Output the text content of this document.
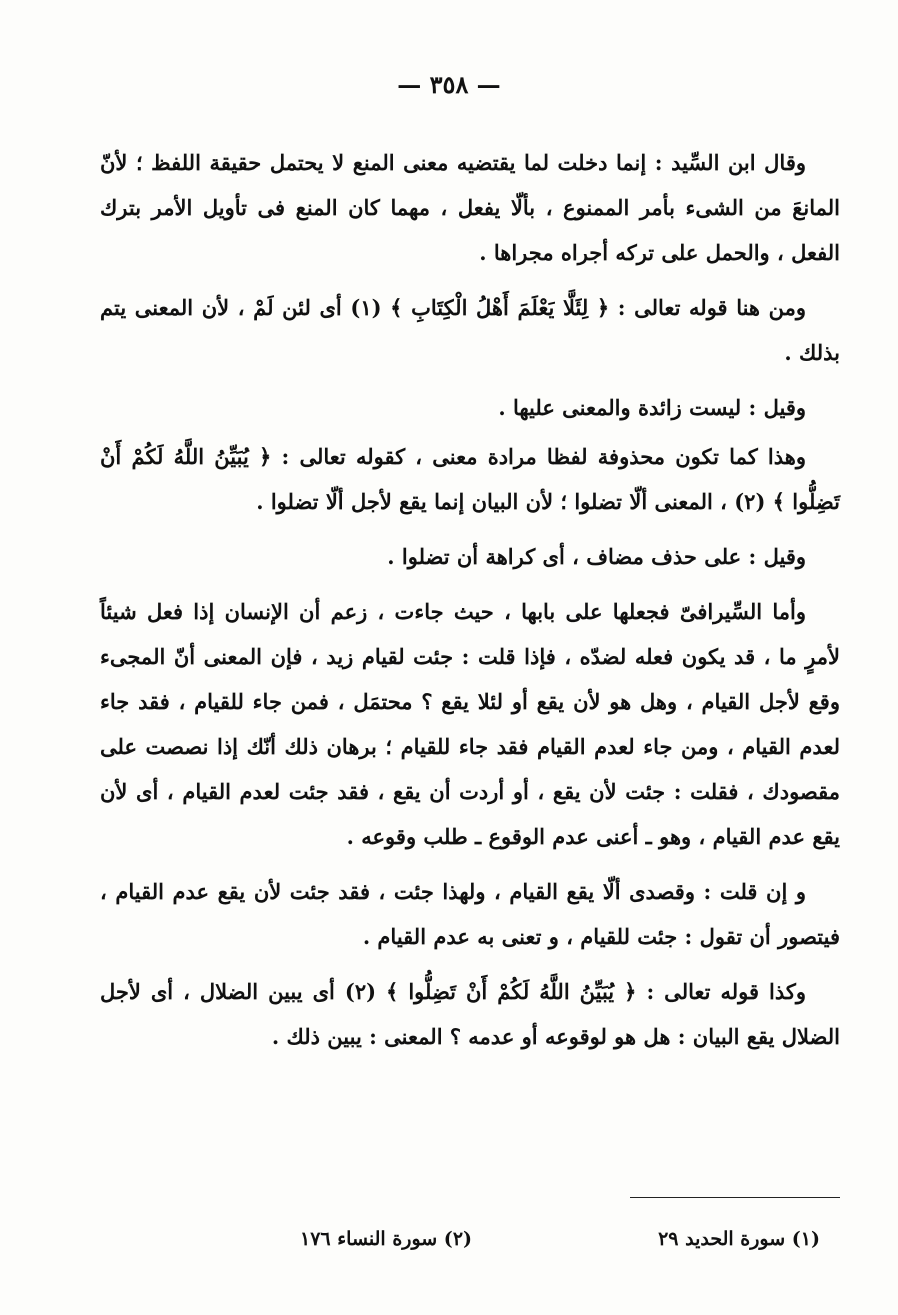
— ٣٥٨ —

وقال ابن السِّيد : إنما دخلت لما يقتضيه معنى المنع لا يحتمل حقيقة اللفظ ؛ لأنّ المانعَ من الشىء بأمر الممنوع ، بألّا يفعل ، مهما كان المنع فى تأويل الأمر بترك الفعل ، والحمل على تركه أجراه مجراها .

ومن هنا قوله تعالى : ﴿ لِئَلَّا يَعْلَمَ أَهْلُ الْكِتَابِ ﴾ (١) أى لئن لَمْ ، لأن المعنى يتم بذلك .

وقيل : ليست زائدة والمعنى عليها .

وهذا كما تكون محذوفة لفظا مرادة معنى ، كقوله تعالى : ﴿ يُبَيِّنُ اللَّهُ لَكُمْ أَنْ تَضِلُّوا ﴾ (٢) ، المعنى ألّا تضلوا ؛ لأن البيان إنما يقع لأجل ألّا تضلوا .

وقيل : على حذف مضاف ، أى كراهة أن تضلوا .

وأما السِّيرافىّ فجعلها على بابها ، حيث جاءت ، زعم أن الإنسان إذا فعل شيئاً لأمرٍ ما ، قد يكون فعله لضدّه ، فإذا قلت : جئت لقيام زيد ، فإن المعنى أنّ المجىء وقع لأجل القيام ، وهل هو لأن يقع أو لئلا يقع ؟ محتمَل ، فمن جاء للقيام ، فقد جاء لعدم القيام ، ومن جاء لعدم القيام فقد جاء للقيام ؛ برهان ذلك أنّك إذا نصصت على مقصودك ، فقلت : جئت لأن يقع ، أو أردت أن يقع ، فقد جئت لعدم القيام ، أى لأن يقع عدم القيام ، وهو ـ أعنى عدم الوقوع ـ طلب وقوعه .

و إن قلت : وقصدى ألّا يقع القيام ، ولهذا جئت ، فقد جئت لأن يقع عدم القيام ، فيتصور أن تقول : جئت للقيام ، و تعنى به عدم القيام .

وكذا قوله تعالى : ﴿ يُبَيِّنُ اللَّهُ لَكُمْ أَنْ تَضِلُّوا ﴾ (٢) أى يبين الضلال ، أى لأجل الضلال يقع البيان : هل هو لوقوعه أو عدمه ؟ المعنى : يبين ذلك .

(١) سورة الحديد ٢٩
(٢) سورة النساء ١٧٦
